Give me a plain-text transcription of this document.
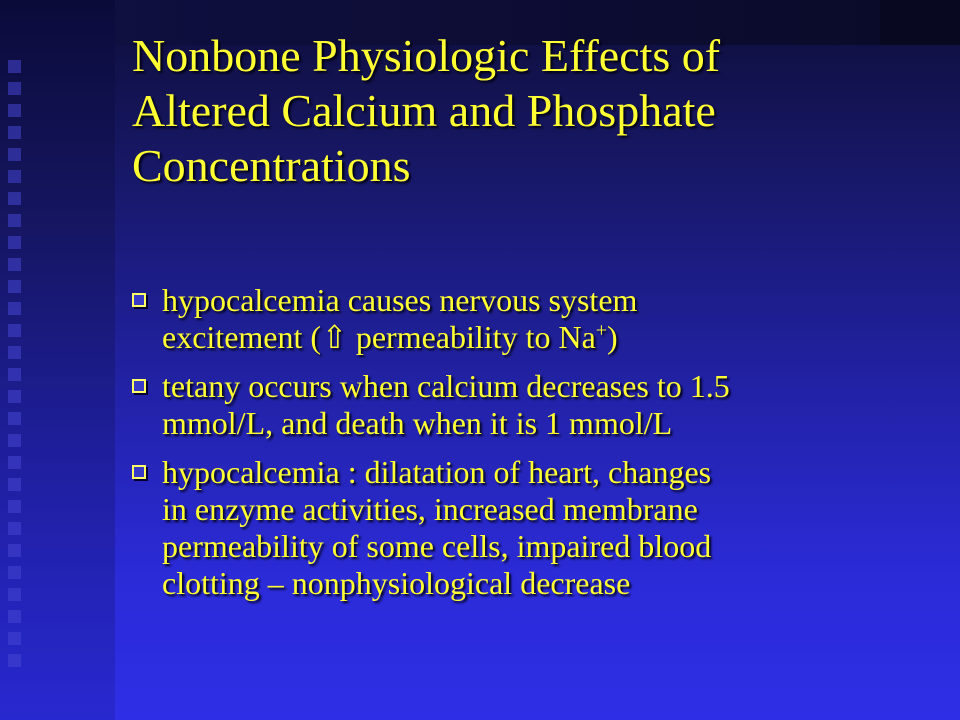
Nonbone Physiologic Effects of
Altered Calcium and Phosphate
Concentrations
hypocalcemia causes nervous system
excitement (⇧ permeability to Na+)
tetany occurs when calcium decreases to 1.5
mmol/L, and death when it is 1 mmol/L
hypocalcemia : dilatation of heart, changes
in enzyme activities, increased membrane
permeability of some cells, impaired blood
clotting – nonphysiological decrease
